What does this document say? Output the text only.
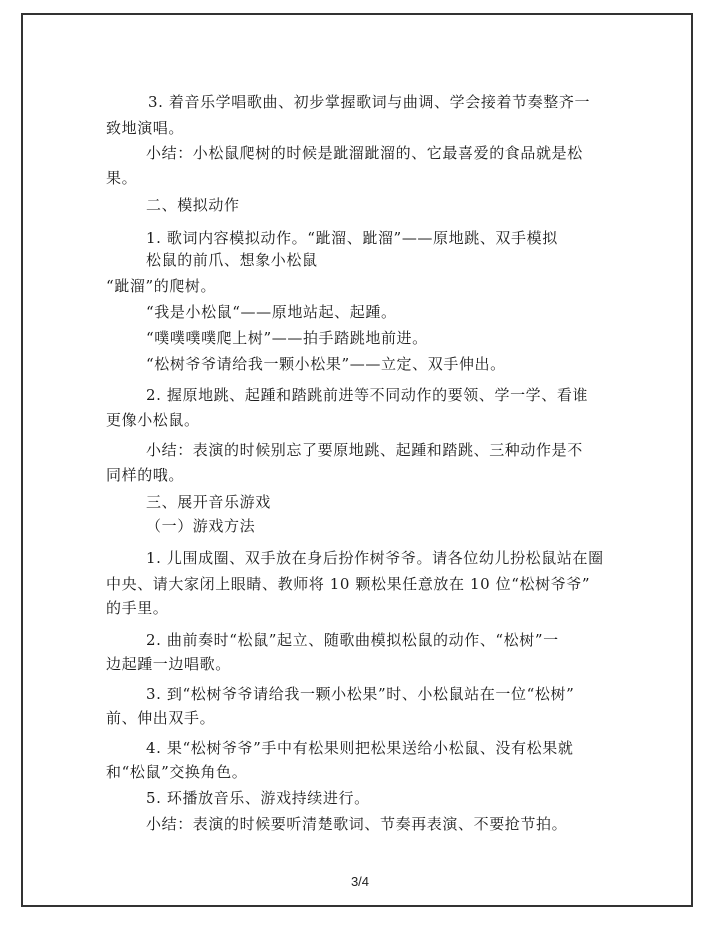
3. 着音乐学唱歌曲、初步掌握歌词与曲调、学会接着节奏整齐一
致地演唱。
小结：小松鼠爬树的时候是跐溜跐溜的、它最喜爱的食品就是松
果。
二、模拟动作
1. 歌词内容模拟动作。“跐溜、跐溜”——原地跳、双手模拟
松鼠的前爪、想象小松鼠
“跐溜”的爬树。
“我是小松鼠“——原地站起、起踵。
“噗噗噗噗爬上树”——拍手踏跳地前进。
“松树爷爷请给我一颗小松果”——立定、双手伸出。
2. 握原地跳、起踵和踏跳前进等不同动作的要领、学一学、看谁
更像小松鼠。
小结：表演的时候别忘了要原地跳、起踵和踏跳、三种动作是不
同样的哦。
三、展开音乐游戏
（一）游戏方法
1. 儿围成圈、双手放在身后扮作树爷爷。请各位幼儿扮松鼠站在圈
中央、请大家闭上眼睛、教师将 10 颗松果任意放在 10 位“松树爷爷”
的手里。
2. 曲前奏时“松鼠”起立、随歌曲模拟松鼠的动作、“松树”一
边起踵一边唱歌。
3. 到“松树爷爷请给我一颗小松果”时、小松鼠站在一位“松树”
前、伸出双手。
4. 果“松树爷爷”手中有松果则把松果送给小松鼠、没有松果就
和“松鼠”交换角色。
5. 环播放音乐、游戏持续进行。
小结：表演的时候要听清楚歌词、节奏再表演、不要抢节拍。
3/4
